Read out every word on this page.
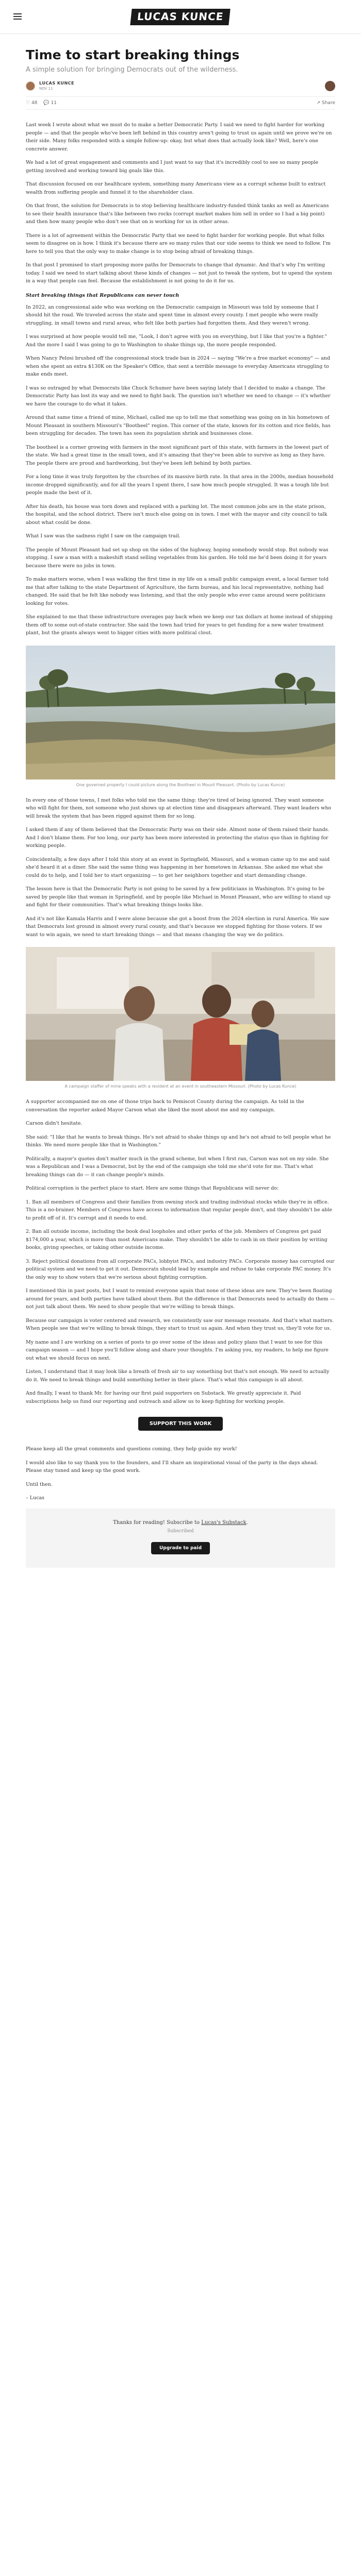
LUCAS KUNCE
Time to start breaking things
A simple solution for bringing Democrats out of the wilderness.
LUCAS KUNCE
NOV 11
♡ 48 💬 11	↗ Share

Last week I wrote about what we must do to make a better Democratic Party. I said we need to fight harder for working people — and that the people who've been left behind in this country aren't going to trust us again until we prove we're on their side. Many folks responded with a simple follow-up: okay, but what does that actually look like? Well, here's one concrete answer.

We had a lot of great engagement and comments and I just want to say that it's incredibly cool to see so many people getting involved and working toward big goals like this.

That discussion focused on our healthcare system, something many Americans view as a corrupt scheme built to extract wealth from suffering people and funnel it to the shareholder class.

On that front, the solution for Democrats is to stop believing healthcare industry-funded think tanks as well as Americans to see their health insurance that's like between two rocks (corrupt market makes him sell in order so I had a big point) and then how many people who don't see that on is working for us in other areas.

There is a lot of agreement within the Democratic Party that we need to fight harder for working people. But what folks seem to disagree on is how. I think it's because there are so many rules that our side seems to think we need to follow. I'm here to tell you that the only way to make change is to stop being afraid of breaking things.

In that post I promised to start proposing more paths for Democrats to change that dynamic. And that's why I'm writing today. I said we need to start talking about these kinds of changes — not just to tweak the system, but to upend the system in a way that people can feel. Because the establishment is not going to do it for us.

Start breaking things that Republicans can never touch

In 2022, an congressional aide who was working on the Democratic campaign in Missouri was told by someone that I should hit the road. We traveled across the state and spent time in almost every county. I met people who were really struggling, in small towns and rural areas, who felt like both parties had forgotten them. And they weren't wrong.

I was surprised at how people would tell me, "Look, I don't agree with you on everything, but I like that you're a fighter." And the more I said I was going to go to Washington to shake things up, the more people responded.

When Nancy Pelosi brushed off the congressional stock trade ban in 2024 — saying "We're a free market economy" — and when she spent an extra $130K on the Speaker's Office, that sent a terrible message to everyday Americans struggling to make ends meet.

I was so outraged by what Democrats like Chuck Schumer have been saying lately that I decided to make a change. The Democratic Party has lost its way and we need to fight back. The question isn't whether we need to change — it's whether we have the courage to do what it takes.

Around that same time a friend of mine, Michael, called me up to tell me that something was going on in his hometown of Mount Pleasant in southern Missouri's "Bootheel" region. This corner of the state, known for its cotton and rice fields, has been struggling for decades. The town has seen its population shrink and businesses close.

The bootheel is a corner growing with farmers in the most significant part of this state, with farmers in the lowest part of the state. We had a great time in the small town, and it's amazing that they've been able to survive as long as they have. The people there are proud and hardworking, but they've been left behind by both parties.

For a long time it was truly forgotten by the churches of its massive birth rate. In that area in the 2000s, median household income dropped significantly, and for all the years I spent there, I saw how much people struggled. It was a tough life but people made the best of it.

After his death, his house was torn down and replaced with a parking lot. The most common jobs are in the state prison, the hospital, and the school district. There isn't much else going on in town. I met with the mayor and city council to talk about what could be done.

What I saw was the sadness right I saw on the campaign trail.

The people of Mount Pleasant had set up shop on the sides of the highway, hoping somebody would stop. But nobody was stopping. I saw a man with a makeshift stand selling vegetables from his garden. He told me he'd been doing it for years because there were no jobs in town.

To make matters worse, when I was walking the first time in my life on a small public campaign event, a local farmer told me that after talking to the state Department of Agriculture, the farm bureau, and his local representative, nothing had changed. He said that he felt like nobody was listening, and that the only people who ever came around were politicians looking for votes.

She explained to me that these infrastructure overages pay back when we keep our tax dollars at home instead of shipping them off to some out-of-state contractor. She said the town had tried for years to get funding for a new water treatment plant, but the grants always went to bigger cities with more political clout.

One governed property I could picture along the Bootheel in Mount Pleasant. (Photo by Lucas Kunce)

In every one of those towns, I met folks who told me the same thing: they're tired of being ignored. They want someone who will fight for them, not someone who just shows up at election time and disappears afterward. They want leaders who will break the system that has been rigged against them for so long.

I asked them if any of them believed that the Democratic Party was on their side. Almost none of them raised their hands. And I don't blame them. For too long, our party has been more interested in protecting the status quo than in fighting for working people.

Coincidentally, a few days after I told this story at an event in Springfield, Missouri, and a woman came up to me and said she'd heard it at a diner. She said the same thing was happening in her hometown in Arkansas. She asked me what she could do to help, and I told her to start organizing — to get her neighbors together and start demanding change.

The lesson here is that the Democratic Party is not going to be saved by a few politicians in Washington. It's going to be saved by people like that woman in Springfield, and by people like Michael in Mount Pleasant, who are willing to stand up and fight for their communities. That's what breaking things looks like.

And it's not like Kamala Harris and I were alone because she got a boost from the 2024 election in rural America. We saw that Democrats lost ground in almost every rural county, and that's because we stopped fighting for those voters. If we want to win again, we need to start breaking things — and that means changing the way we do politics.

A campaign staffer of mine speaks with a resident at an event in southeastern Missouri. (Photo by Lucas Kunce)

A supporter accompanied me on one of those trips back to Pemiscot County during the campaign. As told in the conversation the reporter asked Mayor Carson what she liked the most about me and my campaign.

Carson didn't hesitate.

She said: "I like that he wants to break things. He's not afraid to shake things up and he's not afraid to tell people what he thinks. We need more people like that in Washington."

Politically, a mayor's quotes don't matter much in the grand scheme, but when I first ran, Carson was not on my side. She was a Republican and I was a Democrat, but by the end of the campaign she told me she'd vote for me. That's what breaking things can do — it can change people's minds.

Political corruption is the perfect place to start. Here are some things that Republicans will never do:

1. Ban all members of Congress and their families from owning stock and trading individual stocks while they're in office. This is a no-brainer. Members of Congress have access to information that regular people don't, and they shouldn't be able to profit off of it. It's corrupt and it needs to end.

2. Ban all outside income, including the book deal loopholes and other perks of the job. Members of Congress get paid $174,000 a year, which is more than most Americans make. They shouldn't be able to cash in on their position by writing books, giving speeches, or taking other outside income.

3. Reject political donations from all corporate PACs, lobbyist PACs, and industry PACs. Corporate money has corrupted our political system and we need to get it out. Democrats should lead by example and refuse to take corporate PAC money. It's the only way to show voters that we're serious about fighting corruption.

I mentioned this in past posts, but I want to remind everyone again that none of these ideas are new. They've been floating around for years, and both parties have talked about them. But the difference is that Democrats need to actually do them — not just talk about them. We need to show people that we're willing to break things.

Because our campaign is voter centered and research, we consistently saw our message resonate. And that's what matters. When people see that we're willing to break things, they start to trust us again. And when they trust us, they'll vote for us.

My name and I are working on a series of posts to go over some of the ideas and policy plans that I want to see for this campaign season — and I hope you'll follow along and share your thoughts. I'm asking you, my readers, to help me figure out what we should focus on next.

Listen, I understand that it may look like a breath of fresh air to say something but that's not enough. We need to actually do it. We need to break things and build something better in their place. That's what this campaign is all about.

And finally, I want to thank Mr. for having our first paid supporters on Substack. We greatly appreciate it. Paid subscriptions help us fund our reporting and outreach and allow us to keep fighting for working people.

SUPPORT THIS WORK

Please keep all the great comments and questions coming, they help guide my work!

I would also like to say thank you to the founders, and I'll share an inspirational visual of the party in the days ahead. Please stay tuned and keep up the good work.

Until then.

– Lucas

Thanks for reading! Subscribe to Lucas's Substack.
Subscribed
Upgrade to paid
